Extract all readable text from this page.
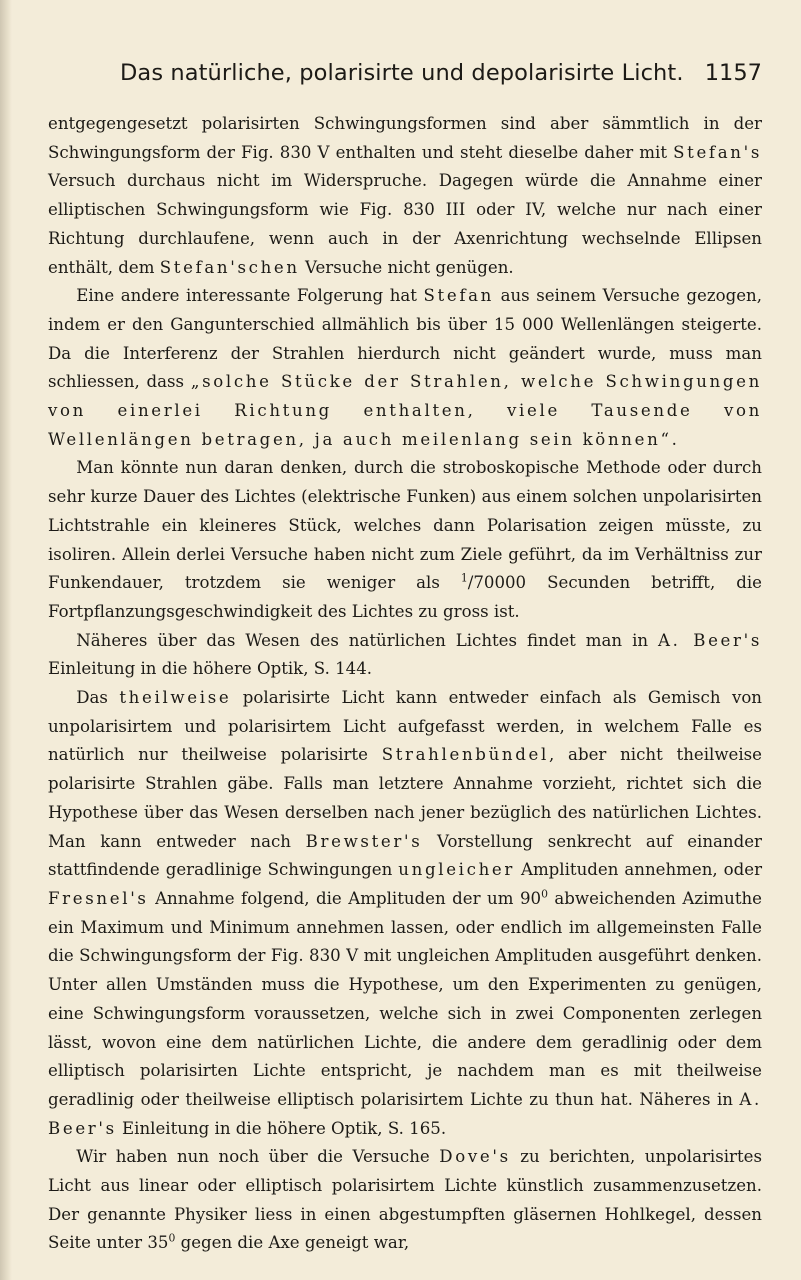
Das natürliche, polarisirte und depolarisirte Licht. 1157

entgegengesetzt polarisirten Schwingungsformen sind aber sämmtlich in der Schwingungsform der Fig. 830 V enthalten und steht dieselbe daher mit Stefan's Versuch durchaus nicht im Widerspruche. Dagegen würde die Annahme einer elliptischen Schwingungsform wie Fig. 830 III oder IV, welche nur nach einer Richtung durchlaufene, wenn auch in der Axenrichtung wechselnde Ellipsen enthält, dem Stefan'schen Versuche nicht genügen.

Eine andere interessante Folgerung hat Stefan aus seinem Versuche gezogen, indem er den Gangunterschied allmählich bis über 15 000 Wellenlängen steigerte. Da die Interferenz der Strahlen hierdurch nicht geändert wurde, muss man schliessen, dass „solche Stücke der Strahlen, welche Schwingungen von einerlei Richtung enthalten, viele Tausende von Wellenlängen betragen, ja auch meilenlang sein können“.

Man könnte nun daran denken, durch die stroboskopische Methode oder durch sehr kurze Dauer des Lichtes (elektrische Funken) aus einem solchen unpolarisirten Lichtstrahle ein kleineres Stück, welches dann Polarisation zeigen müsste, zu isoliren. Allein derlei Versuche haben nicht zum Ziele geführt, da im Verhältniss zur Funkendauer, trotzdem sie weniger als $^1$/70000 Secunden betrifft, die Fortpflanzungsgeschwindigkeit des Lichtes zu gross ist.

Näheres über das Wesen des natürlichen Lichtes findet man in A. Beer's Einleitung in die höhere Optik, S. 144.

Das theilweise polarisirte Licht kann entweder einfach als Gemisch von unpolarisirtem und polarisirtem Licht aufgefasst werden, in welchem Falle es natürlich nur theilweise polarisirte Strahlenbündel, aber nicht theilweise polarisirte Strahlen gäbe. Falls man letztere Annahme vorzieht, richtet sich die Hypothese über das Wesen derselben nach jener bezüglich des natürlichen Lichtes. Man kann entweder nach Brewster's Vorstellung senkrecht auf einander stattfindende geradlinige Schwingungen ungleicher Amplituden annehmen, oder Fresnel's Annahme folgend, die Amplituden der um $90^0$ abweichenden Azimuthe ein Maximum und Minimum annehmen lassen, oder endlich im allgemeinsten Falle die Schwingungsform der Fig. 830 V mit ungleichen Amplituden ausgeführt denken. Unter allen Umständen muss die Hypothese, um den Experimenten zu genügen, eine Schwingungsform voraussetzen, welche sich in zwei Componenten zerlegen lässt, wovon eine dem natürlichen Lichte, die andere dem geradlinig oder dem elliptisch polarisirten Lichte entspricht, je nachdem man es mit theilweise geradlinig oder theilweise elliptisch polarisirtem Lichte zu thun hat. Näheres in A. Beer's Einleitung in die höhere Optik, S. 165.

Wir haben nun noch über die Versuche Dove's zu berichten, unpolarisirtes Licht aus linear oder elliptisch polarisirtem Lichte künstlich zusammenzusetzen. Der genannte Physiker liess in einen abgestumpften gläsernen Hohlkegel, dessen Seite unter $35^0$ gegen die Axe geneigt war,
